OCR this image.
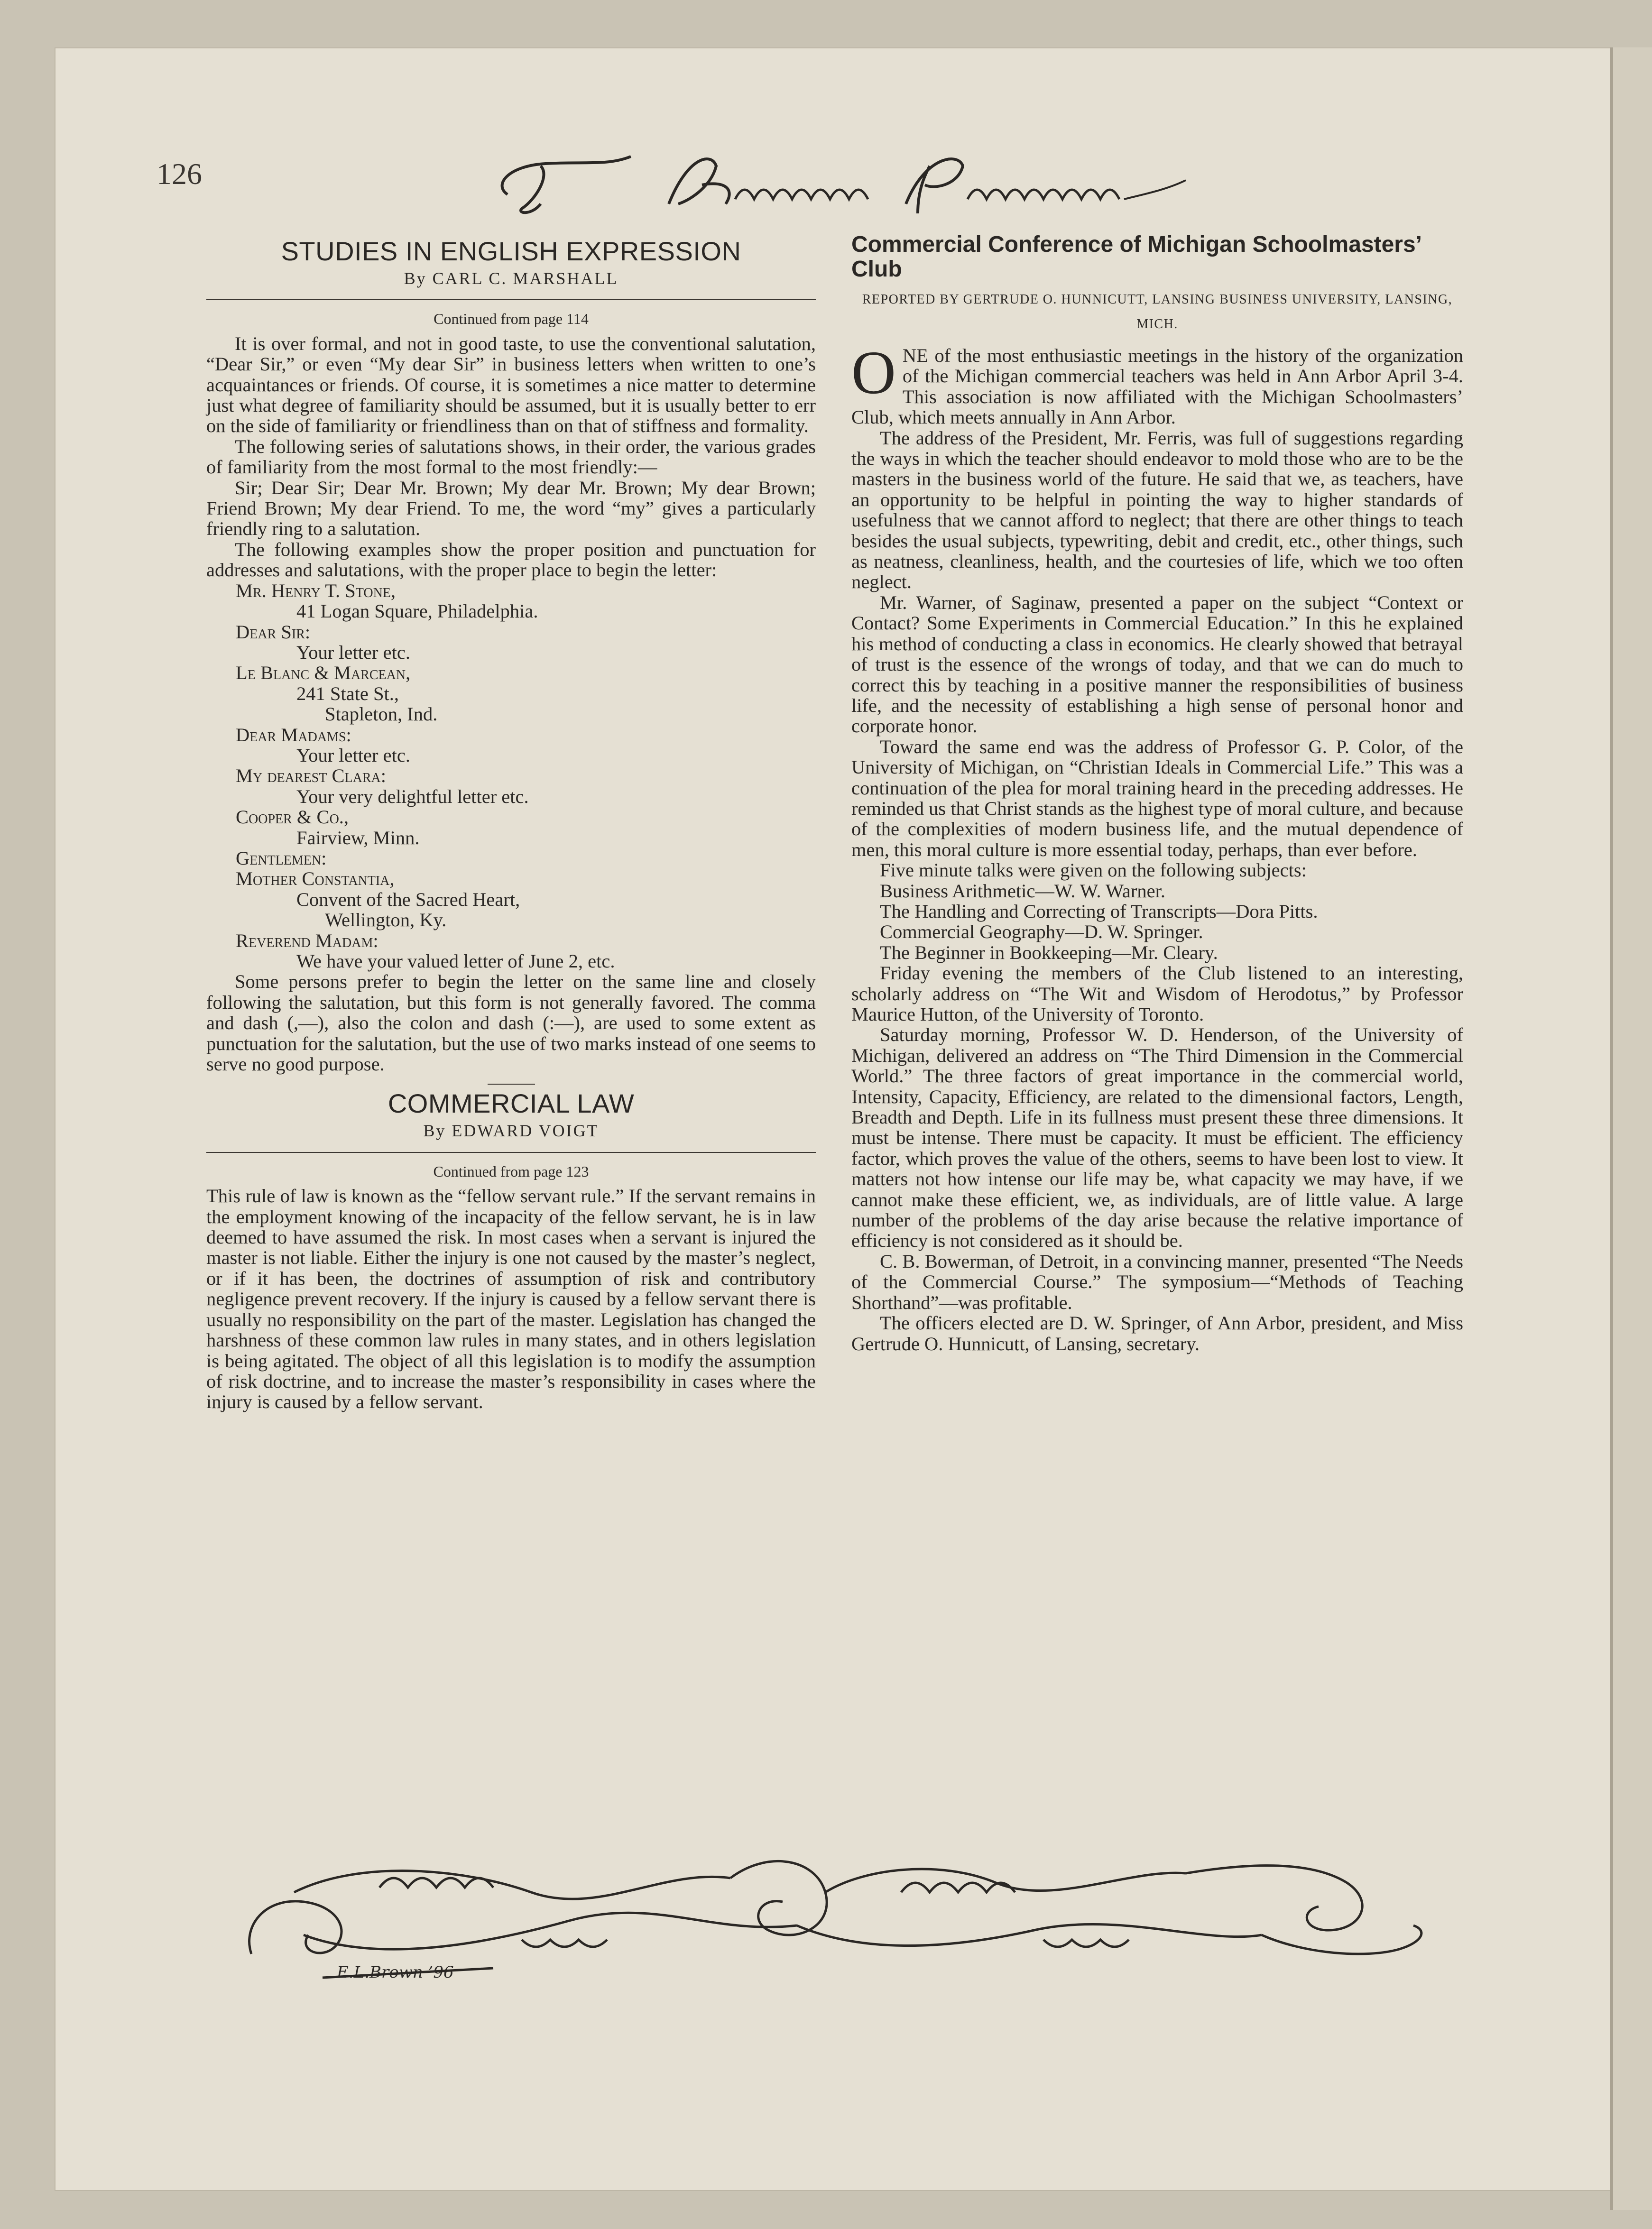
126
STUDIES IN ENGLISH EXPRESSION
By CARL C. MARSHALL
Continued from page 114

It is over formal, and not in good taste, to use the conventional salutation, “Dear Sir,” or even “My dear Sir” in business letters when written to one’s acquaintances or friends. Of course, it is sometimes a nice matter to determine just what degree of familiarity should be assumed, but it is usually better to err on the side of familiarity or friendliness than on that of stiffness and formality.

The following series of salutations shows, in their order, the various grades of familiarity from the most formal to the most friendly:—

Sir; Dear Sir; Dear Mr. Brown; My dear Mr. Brown; My dear Brown; Friend Brown; My dear Friend. To me, the word “my” gives a particularly friendly ring to a salutation.

The following examples show the proper position and punctuation for addresses and salutations, with the proper place to begin the letter:

Mr. Henry T. Stone,

41 Logan Square, Philadelphia.

Dear Sir:

Your letter etc.

Le Blanc & Marcean,

241 State St.,

Stapleton, Ind.

Dear Madams:

Your letter etc.

My dearest Clara:

Your very delightful letter etc.

Cooper & Co.,

Fairview, Minn.

Gentlemen:

Mother Constantia,

Convent of the Sacred Heart,

Wellington, Ky.

Reverend Madam:

We have your valued letter of June 2, etc.

Some persons prefer to begin the letter on the same line and closely following the salutation, but this form is not generally favored. The comma and dash (,—), also the colon and dash (:—), are used to some extent as punctuation for the salutation, but the use of two marks instead of one seems to serve no good purpose.

COMMERCIAL LAW
By EDWARD VOIGT
Continued from page 123

This rule of law is known as the “fellow servant rule.” If the servant remains in the employment knowing of the incapacity of the fellow servant, he is in law deemed to have assumed the risk. In most cases when a servant is injured the master is not liable. Either the injury is one not caused by the master’s neglect, or if it has been, the doctrines of assumption of risk and contributory negligence prevent recovery. If the injury is caused by a fellow servant there is usually no responsibility on the part of the master. Legislation has changed the harshness of these common law rules in many states, and in others legislation is being agitated. The object of all this legislation is to modify the assumption of risk doctrine, and to increase the master’s responsibility in cases where the injury is caused by a fellow servant.

Commercial Conference of Michigan Schoolmasters’ Club
REPORTED BY GERTRUDE O. HUNNICUTT, LANSING BUSINESS UNIVERSITY, LANSING, MICH.
O NE of the most enthusiastic meetings in the history of the organization of the Michigan commercial teachers was held in Ann Arbor April 3-4. This association is now affiliated with the Michigan Schoolmasters’ Club, which meets annually in Ann Arbor.

The address of the President, Mr. Ferris, was full of suggestions regarding the ways in which the teacher should endeavor to mold those who are to be the masters in the business world of the future. He said that we, as teachers, have an opportunity to be helpful in pointing the way to higher standards of usefulness that we cannot afford to neglect; that there are other things to teach besides the usual subjects, typewriting, debit and credit, etc., other things, such as neatness, cleanliness, health, and the courtesies of life, which we too often neglect.

Mr. Warner, of Saginaw, presented a paper on the subject “Context or Contact? Some Experiments in Commercial Education.” In this he explained his method of conducting a class in economics. He clearly showed that betrayal of trust is the essence of the wrongs of today, and that we can do much to correct this by teaching in a positive manner the responsibilities of business life, and the necessity of establishing a high sense of personal honor and corporate honor.

Toward the same end was the address of Professor G. P. Color, of the University of Michigan, on “Christian Ideals in Commercial Life.” This was a continuation of the plea for moral training heard in the preceding addresses. He reminded us that Christ stands as the highest type of moral culture, and because of the complexities of modern business life, and the mutual dependence of men, this moral culture is more essential today, perhaps, than ever before.

Five minute talks were given on the following subjects:

Business Arithmetic—W. W. Warner.

The Handling and Correcting of Transcripts—Dora Pitts.

Commercial Geography—D. W. Springer.

The Beginner in Bookkeeping—Mr. Cleary.

Friday evening the members of the Club listened to an interesting, scholarly address on “The Wit and Wisdom of Herodotus,” by Professor Maurice Hutton, of the University of Toronto.

Saturday morning, Professor W. D. Henderson, of the University of Michigan, delivered an address on “The Third Dimension in the Commercial World.” The three factors of great importance in the commercial world, Intensity, Capacity, Efficiency, are related to the dimensional factors, Length, Breadth and Depth. Life in its fullness must present these three dimensions. It must be intense. There must be capacity. It must be efficient. The efficiency factor, which proves the value of the others, seems to have been lost to view. It matters not how intense our life may be, what capacity we may have, if we cannot make these efficient, we, as individuals, are of little value. A large number of the problems of the day arise because the relative importance of efficiency is not considered as it should be.

C. B. Bowerman, of Detroit, in a convincing manner, presented “The Needs of the Commercial Course.” The symposium—“Methods of Teaching Shorthand”—was profitable.

The officers elected are D. W. Springer, of Ann Arbor, president, and Miss Gertrude O. Hunnicutt, of Lansing, secretary.

E.L.Brown ’96
